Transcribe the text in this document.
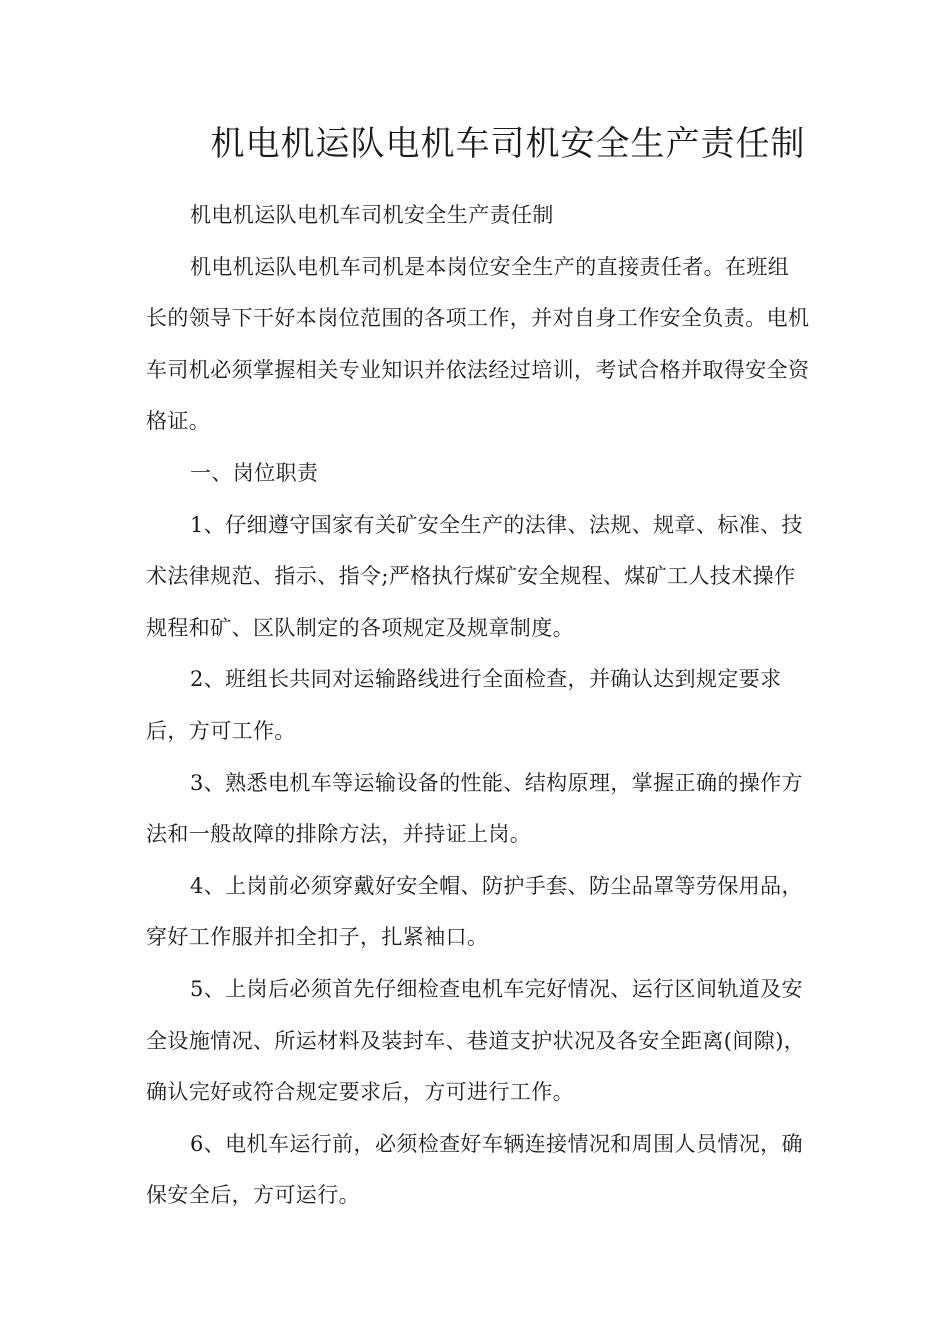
机电机运队电机车司机安全生产责任制

机电机运队电机车司机安全生产责任制

机电机运队电机车司机是本岗位安全生产的直接责任者。在班组长的领导下干好本岗位范围的各项工作，并对自身工作安全负责。电机车司机必须掌握相关专业知识并依法经过培训，考试合格并取得安全资格证。

一、岗位职责

1、仔细遵守国家有关矿安全生产的法律、法规、规章、标准、技术法律规范、指示、指令;严格执行煤矿安全规程、煤矿工人技术操作规程和矿、区队制定的各项规定及规章制度。

2、班组长共同对运输路线进行全面检查，并确认达到规定要求后，方可工作。

3、熟悉电机车等运输设备的性能、结构原理，掌握正确的操作方法和一般故障的排除方法，并持证上岗。

4、上岗前必须穿戴好安全帽、防护手套、防尘品罩等劳保用品，穿好工作服并扣全扣子，扎紧袖口。

5、上岗后必须首先仔细检查电机车完好情况、运行区间轨道及安全设施情况、所运材料及装封车、巷道支护状况及各安全距离(间隙)，确认完好或符合规定要求后，方可进行工作。

6、电机车运行前，必须检查好车辆连接情况和周围人员情况，确保安全后，方可运行。
